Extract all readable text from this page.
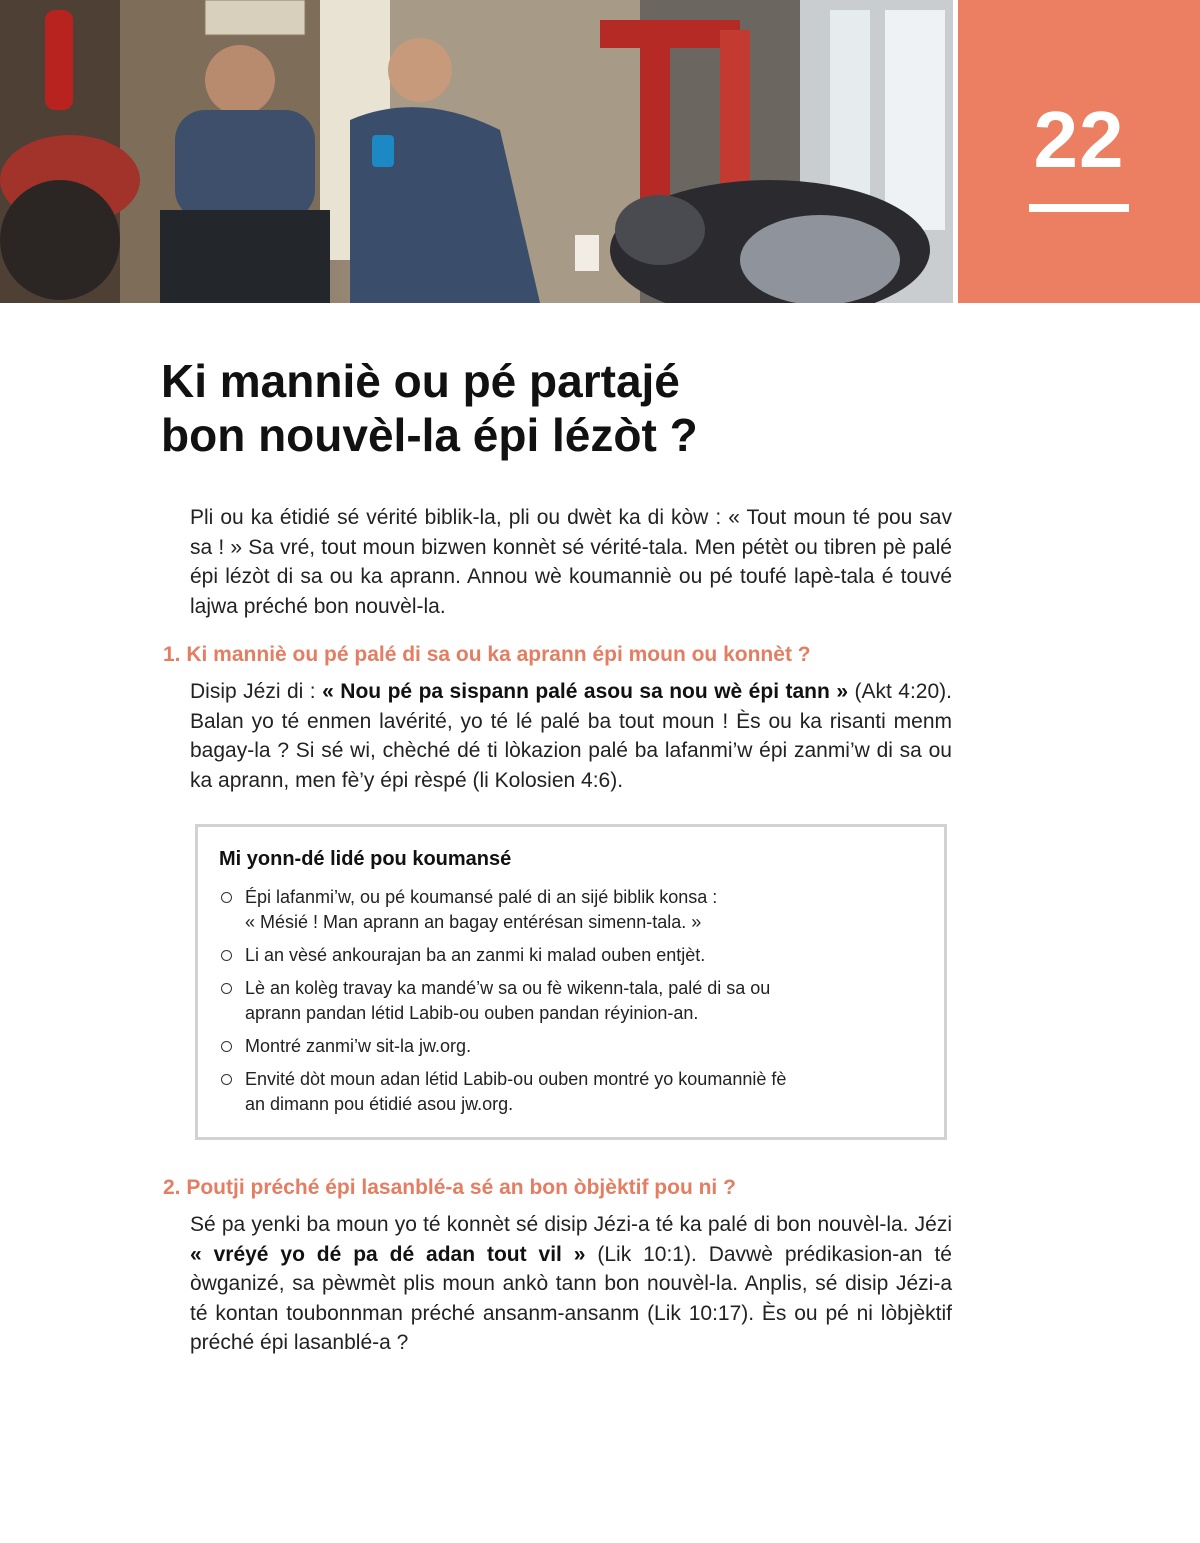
22
Ki manniè ou pé partajé
bon nouvèl-la épi lézòt ?

Pli ou ka étidié sé vérité biblik-la, pli ou dwèt ka di kòw : « Tout moun té pou sav sa ! » Sa vré, tout moun bizwen konnèt sé vérité-tala. Men pétèt ou tibren pè palé épi lézòt di sa ou ka aprann. Annou wè koumanniè ou pé toufé lapè-tala é touvé lajwa préché bon nouvèl-la.

1. Ki manniè ou pé palé di sa ou ka aprann épi moun ou konnèt ?

Disip Jézi di : « Nou pé pa sispann palé asou sa nou wè épi tann » (Akt 4:20). Balan yo té enmen lavérité, yo té lé palé ba tout moun ! Ès ou ka risanti menm bagay-la ? Si sé wi, chèché dé ti lòkazion palé ba lafanmi’w épi zanmi’w di sa ou ka aprann, men fè’y épi rèspé (li Kolosien 4:6).

Mi yonn-dé lidé pou koumansé
Épi lafanmi’w, ou pé koumansé palé di an sijé biblik konsa :
« Mésié ! Man aprann an bagay entérésan simenn-tala. »
Li an vèsé ankourajan ba an zanmi ki malad ouben entjèt.
Lè an kolèg travay ka mandé’w sa ou fè wikenn-tala, palé di sa ou
aprann pandan létid Labib-ou ouben pandan réyinion-an.
Montré zanmi’w sit-la jw.org.
Envité dòt moun adan létid Labib-ou ouben montré yo koumanniè fè
an dimann pou étidié asou jw.org.
2. Poutji préché épi lasanblé-a sé an bon òbjèktif pou ni ?

Sé pa yenki ba moun yo té konnèt sé disip Jézi-a té ka palé di bon nouvèl-la. Jézi « vréyé yo dé pa dé adan tout vil » (Lik 10:1). Davwè prédikasion-an té òwganizé, sa pèwmèt plis moun ankò tann bon nouvèl-la. Anplis, sé disip Jézi-a té kontan toubonnman préché ansanm-ansanm (Lik 10:17). Ès ou pé ni lòbjèktif préché épi lasanblé-a ?
